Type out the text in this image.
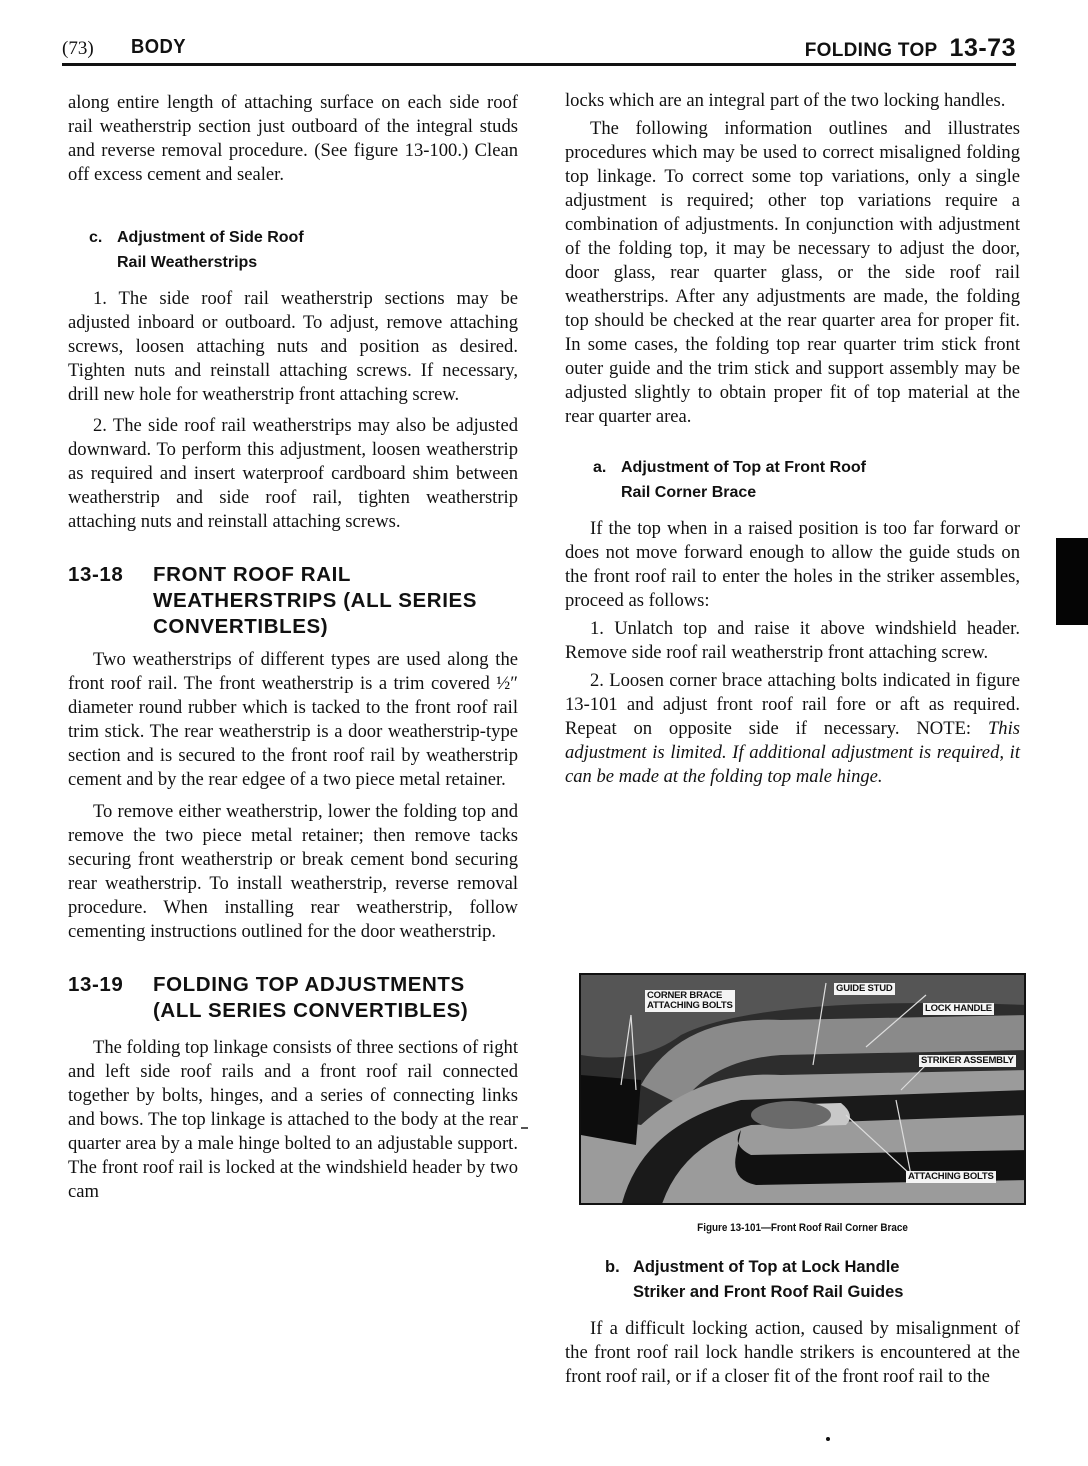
(73) BODY	FOLDING TOP 13-73

along entire length of attaching surface on each side roof rail weatherstrip section just outboard of the integral studs and reverse removal procedure. (See figure 13-100.) Clean off excess cement and sealer.

c. Adjustment of Side Roof
Rail Weatherstrips

1. The side roof rail weatherstrip sections may be adjusted inboard or outboard. To adjust, remove attaching screws, loosen attaching nuts and position as desired. Tighten nuts and reinstall attaching screws. If necessary, drill new hole for weatherstrip front attaching screw.

2. The side roof rail weatherstrips may also be adjusted downward. To perform this adjustment, loosen weatherstrip as required and insert waterproof cardboard shim between weatherstrip and side roof rail, tighten weatherstrip attaching nuts and reinstall attaching screws.

13-18 FRONT ROOF RAIL
WEATHERSTRIPS (ALL SERIES
CONVERTIBLES)

Two weatherstrips of different types are used along the front roof rail. The front weatherstrip is a trim covered ½″ diameter round rubber which is tacked to the front roof rail trim stick. The rear weatherstrip is a door weatherstrip-type section and is secured to the front roof rail by weatherstrip cement and by the rear edgee of a two piece metal retainer.

To remove either weatherstrip, lower the folding top and remove the two piece metal retainer; then remove tacks securing front weatherstrip or break cement bond securing rear weatherstrip. To install weatherstrip, reverse removal procedure. When installing rear weatherstrip, follow cementing instructions outlined for the door weatherstrip.

13-19 FOLDING TOP ADJUSTMENTS
(ALL SERIES CONVERTIBLES)

The folding top linkage consists of three sections of right and left side roof rails and a front roof rail connected together by bolts, hinges, and a series of connecting links and bows. The top linkage is attached to the body at the rear quarter area by a male hinge bolted to an adjustable support. The front roof rail is locked at the windshield header by two cam

locks which are an integral part of the two locking handles.

The following information outlines and illustrates procedures which may be used to correct misaligned folding top linkage. To correct some top variations, only a single adjustment is required; other top variations require a combination of adjustments. In conjunction with adjustment of the folding top, it may be necessary to adjust the door, door glass, rear quarter glass, or the side roof rail weatherstrips. After any adjustments are made, the folding top should be checked at the rear quarter area for proper fit. In some cases, the folding top rear quarter trim stick front outer guide and the trim stick and support assembly may be adjusted slightly to obtain proper fit of top material at the rear quarter area.

a. Adjustment of Top at Front Roof
Rail Corner Brace

If the top when in a raised position is too far forward or does not move forward enough to allow the guide studs on the front roof rail to enter the holes in the striker assembles, proceed as follows:

1. Unlatch top and raise it above windshield header. Remove side roof rail weatherstrip front attaching screw.

2. Loosen corner brace attaching bolts indicated in figure 13-101 and adjust front roof rail fore or aft as required. Repeat on opposite side if necessary. NOTE: This adjustment is limited. If additional adjustment is required, it can be made at the folding top male hinge.

CORNER BRACE
ATTACHING BOLTS
GUIDE STUD
LOCK HANDLE
STRIKER ASSEMBLY
ATTACHING BOLTS
Figure 13-101—Front Roof Rail Corner Brace
b. Adjustment of Top at Lock Handle
Striker and Front Roof Rail Guides

If a difficult locking action, caused by misalignment of the front roof rail lock handle strikers is encountered at the front roof rail, or if a closer fit of the front roof rail to the
